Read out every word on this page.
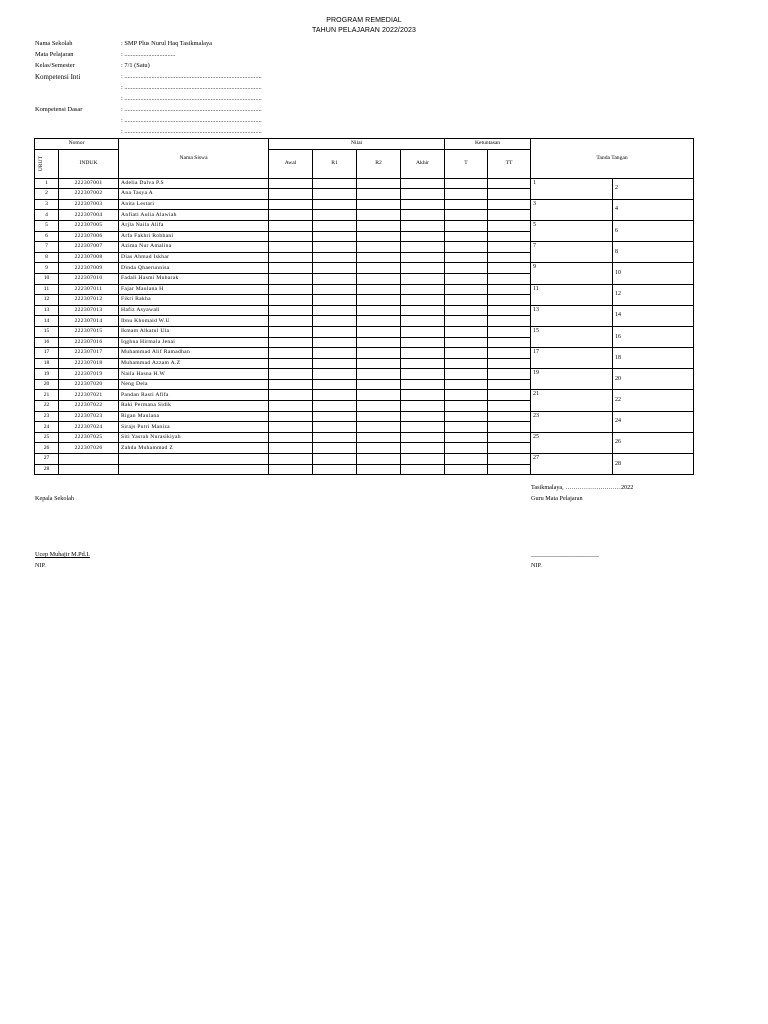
PROGRAM REMEDIAL
TAHUN PELAJARAN 2022/2023
Nama Sekolah	: SMP Plus Nurul Haq Tasikmalaya
Mata Pelajaran	: ................................
Kelas/Semester	: 7/1 (Satu)
Kompetensi Inti	: ......................................................................................
: ......................................................................................
: ......................................................................................
Kompetensi Dasar	: ......................................................................................
: ......................................................................................
: ......................................................................................
Nomor		Nama Siswa	Nilai				Ketuntasan		Tanda Tangan	

URUT	INDUK		Awal	R1	R2	Akhir	T	TT		
1	222307001	Adelia Dalva P.S							1	2
2	222307002	Ana Tasya A								
3	222307003	Anita Lestari							3	4
4	222307004	Anfiati Aulia Alawiah								
5	222307005	Arjla Naila Alifa							5	6
6	222307006	Arfa Fakhri Robbani								
7	222307007	Azima Nur Amalina							7	8
8	222307008	Dias Ahmad Iskhar								
9	222307009	Dinda Qhaerunnisa							9	10
10	222307010	Fadali Hasmi Mubarak								
11	222307011	Fajar Maulana H							11	12
12	222307012	Fikri Rakha								
13	222307013	Hafiz Asyawali							13	14
14	222307014	Ibnu Khomaid W.U								
15	222307015	Ikmam Alkatul Ula							15	16
16	222307016	Iqghna Hirmala Jenai								
17	222307017	Muhammad Alif Ramadhan							17	18
18	222307018	Muhammad Azzam A.Z								
19	222307019	Naila Hasna H.W							19	20
20	222307020	Neng Dela								
21	222307021	Pandan Rasti Afifa							21	22
22	222307022	Raki Permana Sidik								
23	222307023	Rigan Maulana							23	24
24	222307024	Sirajs Putri Maniza								
25	222307025	Siti Yasrah Nurasikiyah							25	26
26	222307026	Zahda Muhammad Z								
27									27	28
28										
Tasikmalaya, ………………………2022
Guru Mata Pelajaran
Kepala Sekolah
Ucep Muhajir M.Pd.I.
NIP.
______________________
NIP.
